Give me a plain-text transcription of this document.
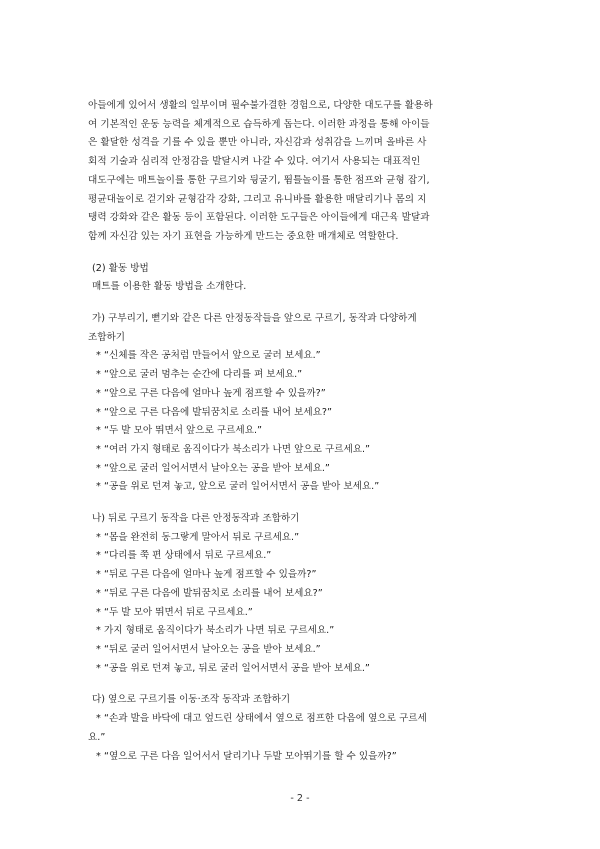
아들에게 있어서 생활의 일부이며 필수불가결한 경험으로, 다양한 대도구를 활용하
여 기본적인 운동 능력을 체계적으로 습득하게 돕는다. 이러한 과정을 통해 아이들
은 활달한 성격을 기를 수 있을 뿐만 아니라, 자신감과 성취감을 느끼며 올바른 사
회적 기술과 심리적 안정감을 발달시켜 나갈 수 있다. 여기서 사용되는 대표적인
대도구에는 매트놀이를 통한 구르기와 뒹굴기, 뜀틀놀이를 통한 점프와 균형 잡기,
평균대놀이로 걷기와 균형감각 강화, 그리고 유니바를 활용한 매달리기나 몸의 지
탱력 강화와 같은 활동 등이 포함된다. 이러한 도구들은 아이들에게 대근육 발달과
함께 자신감 있는 자기 표현을 가능하게 만드는 중요한 매개체로 역할한다.
(2) 활동 방법
매트를 이용한 활동 방법을 소개한다.
가) 구부리기, 뻗기와 같은 다른 안정동작들을 앞으로 구르기, 동작과 다양하게
조합하기
* “신체를 작은 공처럼 만들어서 앞으로 굴러 보세요.”
* “앞으로 굴러 멈추는 순간에 다리를 펴 보세요.”
* “앞으로 구른 다음에 얼마나 높게 점프할 수 있을까?”
* “앞으로 구른 다음에 발뒤꿈치로 소리를 내어 보세요?”
* “두 발 모아 뛰면서 앞으로 구르세요.”
* “여러 가지 형태로 움직이다가 북소리가 나면 앞으로 구르세요.”
* “앞으로 굴러 일어서면서 날아오는 공을 받아 보세요.”
* “공을 위로 던져 놓고, 앞으로 굴러 일어서면서 공을 받아 보세요.”
나) 뒤로 구르기 동작을 다른 안정동작과 조합하기
* “몸을 완전히 동그랗게 말아서 뒤로 구르세요.”
* “다리를 쭉 편 상태에서 뒤로 구르세요.”
* “뒤로 구른 다음에 얼마나 높게 점프할 수 있을까?”
* “뒤로 구른 다음에 발뒤꿈치로 소리를 내어 보세요?”
* “두 발 모아 뛰면서 뒤로 구르세요.”
* 가지 형태로 움직이다가 북소리가 나면 뒤로 구르세요.”
* “뒤로 굴러 일어서면서 날아오는 공을 받아 보세요.”
* “공을 위로 던져 놓고, 뒤로 굴러 일어서면서 공을 받아 보세요.”
다) 옆으로 구르기를 이동·조작 동작과 조합하기
* “손과 발을 바닥에 대고 엎드린 상태에서 옆으로 점프한 다음에 옆으로 구르세
요.”
* “옆으로 구른 다음 일어서서 달리기나 두발 모아뛰기를 할 수 있을까?”
- 2 -
